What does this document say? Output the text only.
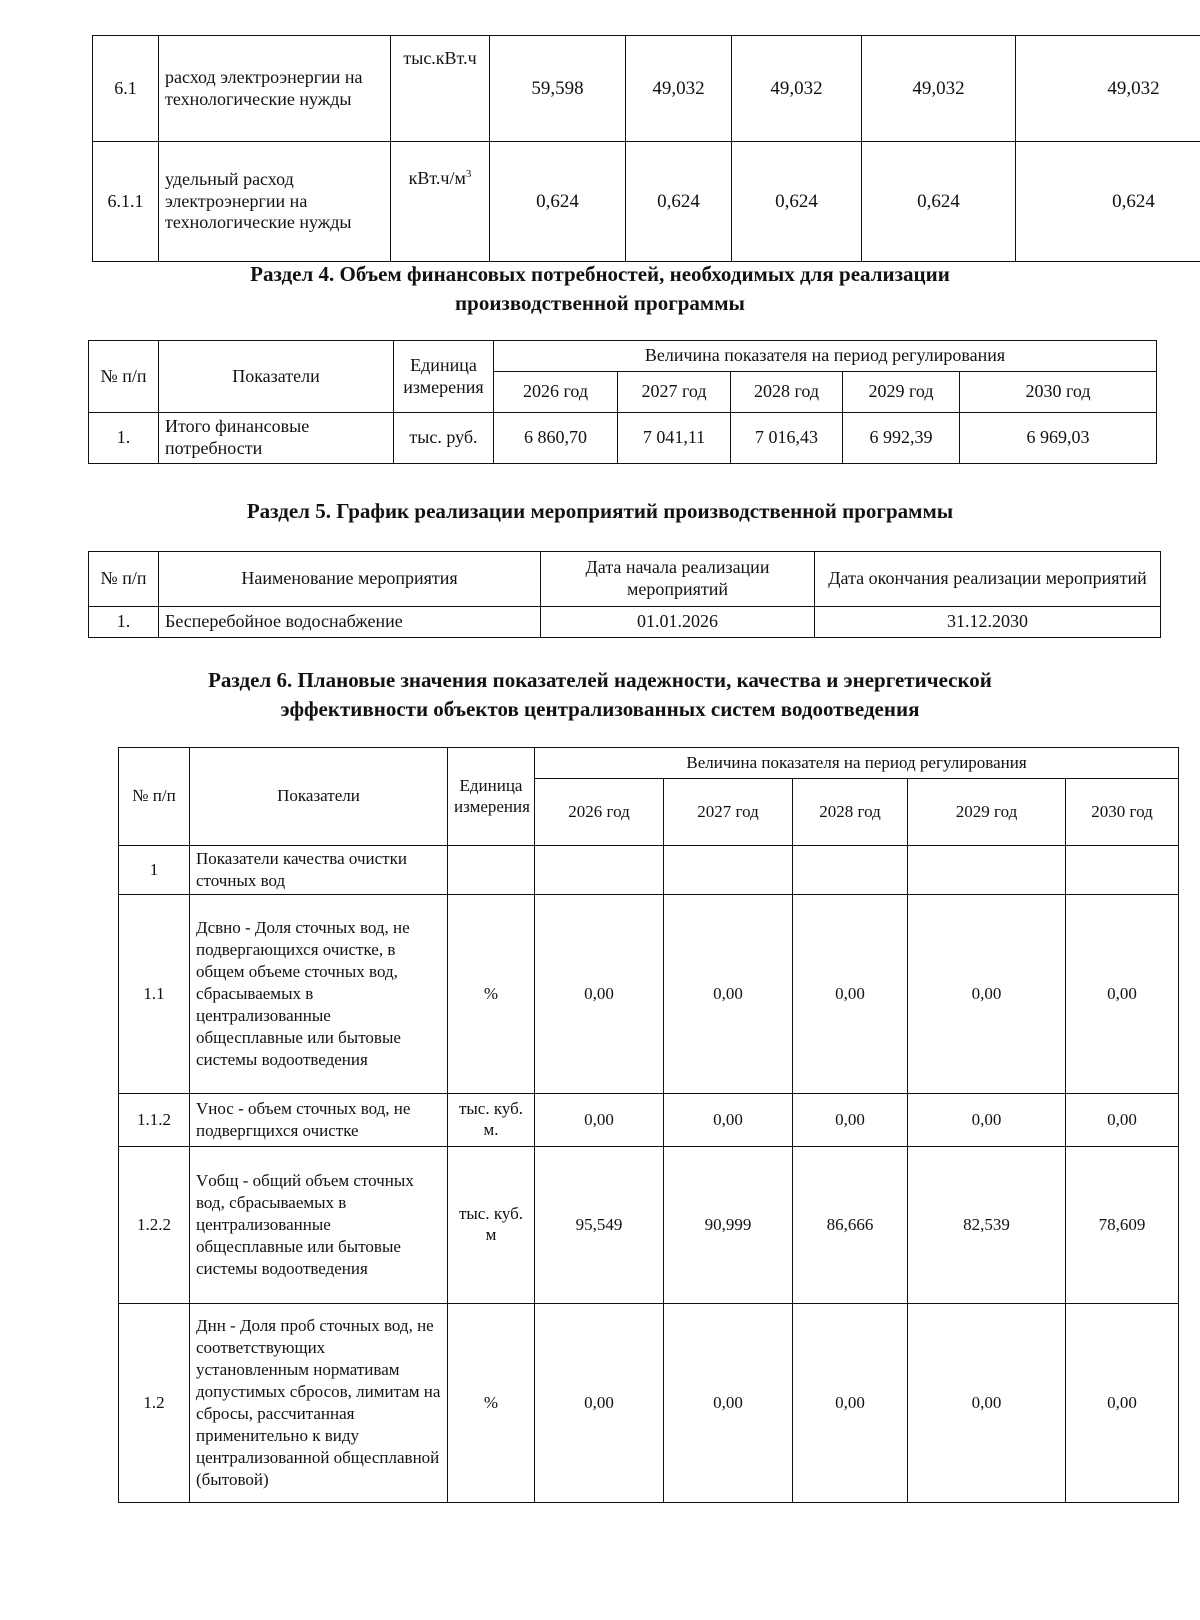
6.1	расход электроэнергии на технологические нужды	тыс.кВт.ч	59,598	49,032	49,032	49,032	49,032
6.1.1	удельный расход электроэнергии на технологические нужды	$кВт.ч/м^3$	0,624	0,624	0,624	0,624	0,624
Раздел 4. Объем финансовых потребностей, необходимых для реализации
производственной программы
№ п/п	Показатели	Единица измерения	Величина показателя на период регулирования				
			2026 год	2027 год	2028 год	2029 год	2030 год
1.	Итого финансовые потребности	тыс. руб.	6 860,70	7 041,11	7 016,43	6 992,39	6 969,03
Раздел 5. График реализации мероприятий производственной программы
№ п/п	Наименование мероприятия	Дата начала реализации мероприятий	Дата окончания реализации мероприятий
1.	Бесперебойное водоснабжение	01.01.2026	31.12.2030
Раздел 6. Плановые значения показателей надежности, качества и энергетической
эффективности объектов централизованных систем водоотведения
№ п/п	Показатели	Единица измерения	Величина показателя на период регулирования				
			2026 год	2027 год	2028 год	2029 год	2030 год
1	Показатели качества очистки сточных вод						
1.1	Дсвно - Доля сточных вод, не подвергающихся очистке, в общем объеме сточных вод, сбрасываемых в централизованные общесплавные или бытовые системы водоотведения	%	0,00	0,00	0,00	0,00	0,00
1.1.2	Vнос - объем сточных вод, не подвергщихся очистке	тыс. куб. м.	0,00	0,00	0,00	0,00	0,00
1.2.2	Vобщ - общий объем сточных вод, сбрасываемых в централизованные общесплавные или бытовые системы водоотведения	тыс. куб. м	95,549	90,999	86,666	82,539	78,609
1.2	Днн - Доля проб сточных вод, не соответствующих установленным нормативам допустимых сбросов, лимитам на сбросы, рассчитанная применительно к виду централизованной общесплавной (бытовой)	%	0,00	0,00	0,00	0,00	0,00
